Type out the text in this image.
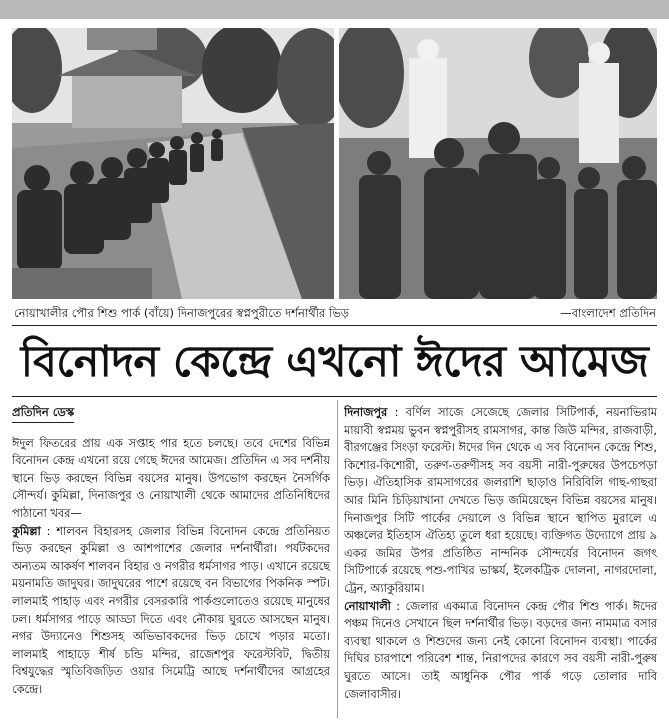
নোয়াখালীর পৌর শিশু পার্ক (বাঁয়ে) দিনাজপুরের স্বপ্নপুরীতে দর্শনার্থীর ভিড়	—বাংলাদেশ প্রতিদিন
বিনোদন কেন্দ্রে এখনো ঈদের আমেজ
প্রতিদিন ডেস্ক

ঈদুল ফিতরের প্রায় এক সপ্তাহ পার হতে চলছে। তবে দেশের বিভিন্ন বিনোদন কেন্দ্র এখনো রয়ে গেছে ঈদের আমেজ। প্রতিদিন এ সব দর্শনীয় স্থানে ভিড় করছেন বিভিন্ন বয়সের মানুষ। উপভোগ করছেন নৈসর্গিক সৌন্দর্য। কুমিল্লা, দিনাজপুর ও নোয়াখালী থেকে আমাদের প্রতিনিধিদের পাঠানো খবর—

কুমিল্লা : শালবন বিহারসহ জেলার বিভিন্ন বিনোদন কেন্দ্রে প্রতিনিয়ত ভিড় করছেন কুমিল্লা ও আশপাশের জেলার দর্শনার্থীরা। পর্যটকদের অন্যতম আকর্ষণ শালবন বিহার ও নগরীর ধর্মসাগর পাড়। এখানে রয়েছে ময়নামতি জাদুঘর। জাদুঘরের পাশে রয়েছে বন বিভাগের পিকনিক স্পট। লালমাই পাহাড় এবং নগরীর বেসরকারি পার্কগুলোতেও রয়েছে মানুষের ঢল। ধর্মসাগর পাড়ে আড্ডা দিতে এবং নৌকায় ঘুরতে আসছেন মানুষ। নগর উদ্যানেও শিশুসহ অভিভাবকদের ভিড় চোখে পড়ার মতো। লালমাই পাহাড়ে শীর্ষ চন্ডি মন্দির, রাজেশপুর ফরেস্টবিট, দ্বিতীয় বিশ্বযুদ্ধের স্মৃতিবিজড়িত ওয়ার সিমেট্রি আছে দর্শনার্থীদের আগ্রহের কেন্দ্রে।

দিনাজপুর : বর্ণিল সাজে সেজেছে জেলার সিটিপার্ক, নয়নাভিরাম মায়াবী স্বপ্নময় ভুবন স্বপ্নপুরীসহ রামসাগর, কান্ত জিউ মন্দির, রাজবাড়ী, বীরগঞ্জের সিংড়া ফরেস্ট। ঈদের দিন থেকে এ সব বিনোদন কেন্দ্রে শিশু, কিশোর-কিশোরী, তরুণ-তরুণীসহ সব বয়সী নারী-পুরুষের উপচেপড়া ভিড়। ঐতিহাসিক রামসাগরের জলরাশি ছাড়াও নিরিবিলি গাছ-গাছরা আর মিনি চিড়িয়াখানা দেখতে ভিড় জমিয়েছেন বিভিন্ন বয়সের মানুষ। দিনাজপুর সিটি পার্কের দেয়ালে ও বিভিন্ন স্থানে স্থাপিত মুরালে এ অঞ্চলের ইতিহাস ঐতিহ্য তুলে ধরা হয়েছে। ব্যক্তিগত উদ্যোগে প্রায় ৯ একর জমির উপর প্রতিষ্ঠিত নান্দনিক সৌন্দর্যের বিনোদন জগৎ সিটিপার্কে রয়েছে পশু-পাখির ভাস্কর্য, ইলেকট্রিক দোলনা, নাগরদোলা, ট্রেন, অ্যাকুরিয়াম।

নোয়াখালী : জেলার একমাত্র বিনোদন কেন্দ্র পৌর শিশু পার্ক। ঈদের পঞ্চম দিনেও সেখানে ছিল দর্শনার্থীর ভিড়। বড়দের জন্য নামমাত্র বসার ব্যবস্থা থাকলে ও শিশুদের জন্য নেই কোনো বিনোদন ব্যবস্থা। পার্কের দিঘির চারপাশে পরিবেশ শান্ত, নিরাপদের কারণে সব বয়সী নারী-পুরুষ ঘুরতে আসে। তাই আধুনিক পৌর পার্ক গড়ে তোলার দাবি জেলাবাসীর।
